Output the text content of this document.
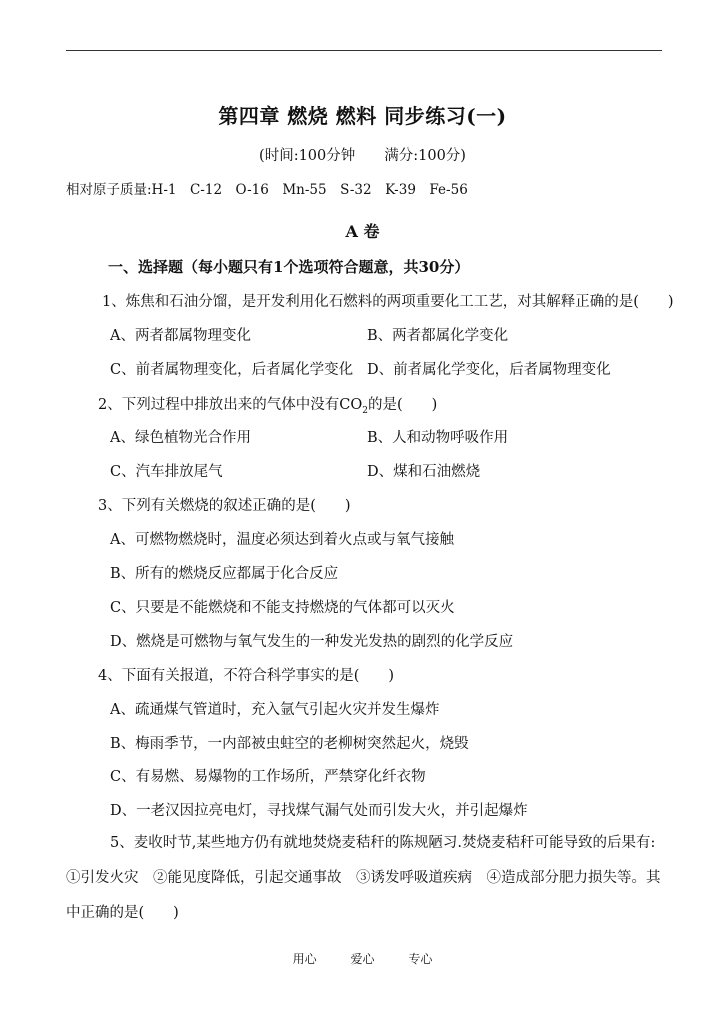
第四章 燃烧 燃料 同步练习(一)
(时间:100分钟　　满分:100分)
相对原子质量:H-1　C-12　O-16　Mn-55　S-32　K-39　Fe-56
A 卷
一、选择题（每小题只有1个选项符合题意，共30分）
1、炼焦和石油分馏，是开发利用化石燃料的两项重要化工工艺，对其解释正确的是(　　)
A、两者都属物理变化	B、两者都属化学变化
C、前者属物理变化，后者属化学变化 D、前者属化学变化，后者属物理变化
2、下列过程中排放出来的气体中没有$CO_2$的是(　　)
A、绿色植物光合作用	B、人和动物呼吸作用
C、汽车排放尾气	D、煤和石油燃烧
3、下列有关燃烧的叙述正确的是(　　)
A、可燃物燃烧时，温度必须达到着火点或与氧气接触
B、所有的燃烧反应都属于化合反应
C、只要是不能燃烧和不能支持燃烧的气体都可以灭火
D、燃烧是可燃物与氧气发生的一种发光发热的剧烈的化学反应
4、下面有关报道，不符合科学事实的是(　　)
A、疏通煤气管道时，充入氩气引起火灾并发生爆炸
B、梅雨季节，一内部被虫蛀空的老柳树突然起火，烧毁
C、有易燃、易爆物的工作场所，严禁穿化纤衣物
D、一老汉因拉亮电灯，寻找煤气漏气处而引发大火，并引起爆炸
5、麦收时节,某些地方仍有就地焚烧麦秸秆的陈规陋习.焚烧麦秸秆可能导致的后果有: ①引发火灾　②能见度降低，引起交通事故　③诱发呼吸道疾病　④造成部分肥力损失等。其中正确的是(　　)
用心	爱心	专心
